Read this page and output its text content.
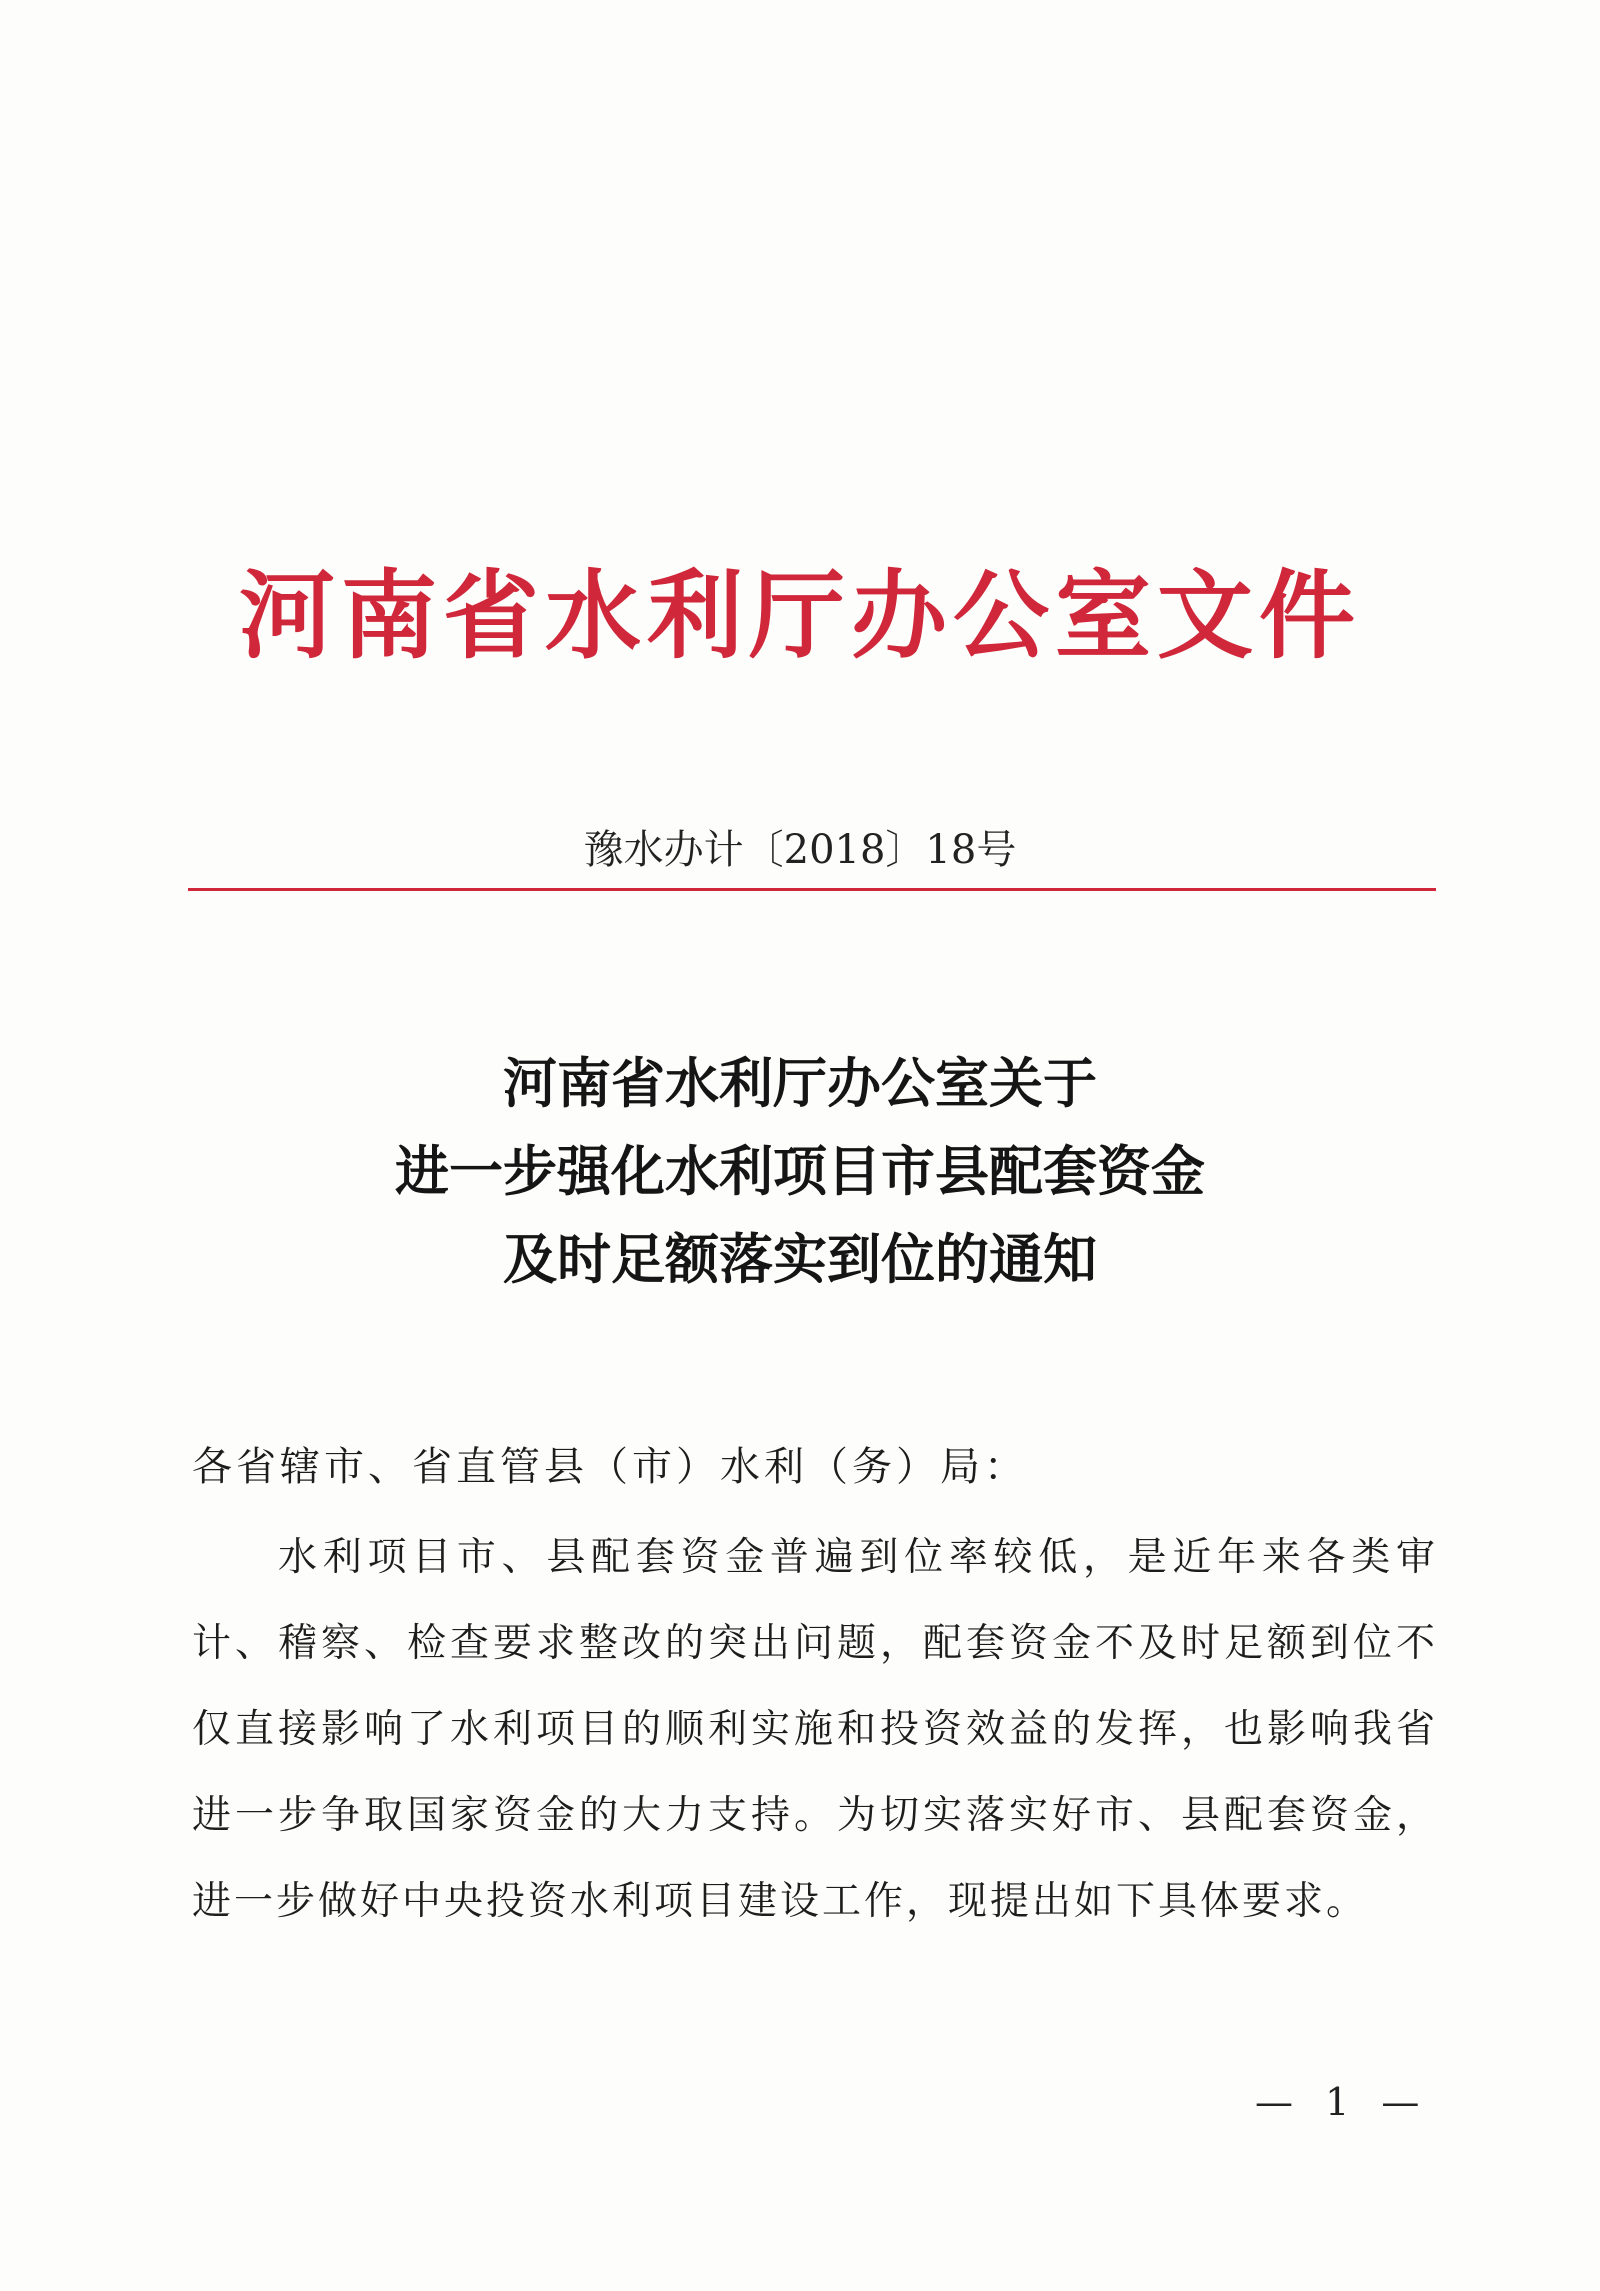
河南省水利厅办公室文件
豫水办计〔2018〕18号
河南省水利厅办公室关于
进一步强化水利项目市县配套资金
及时足额落实到位的通知
各省辖市、省直管县（市）水利（务）局：

水利项目市、县配套资金普遍到位率较低，是近年来各类审计、稽察、检查要求整改的突出问题，配套资金不及时足额到位不仅直接影响了水利项目的顺利实施和投资效益的发挥，也影响我省进一步争取国家资金的大力支持。为切实落实好市、县配套资金，进一步做好中央投资水利项目建设工作，现提出如下具体要求。

— 1 —
